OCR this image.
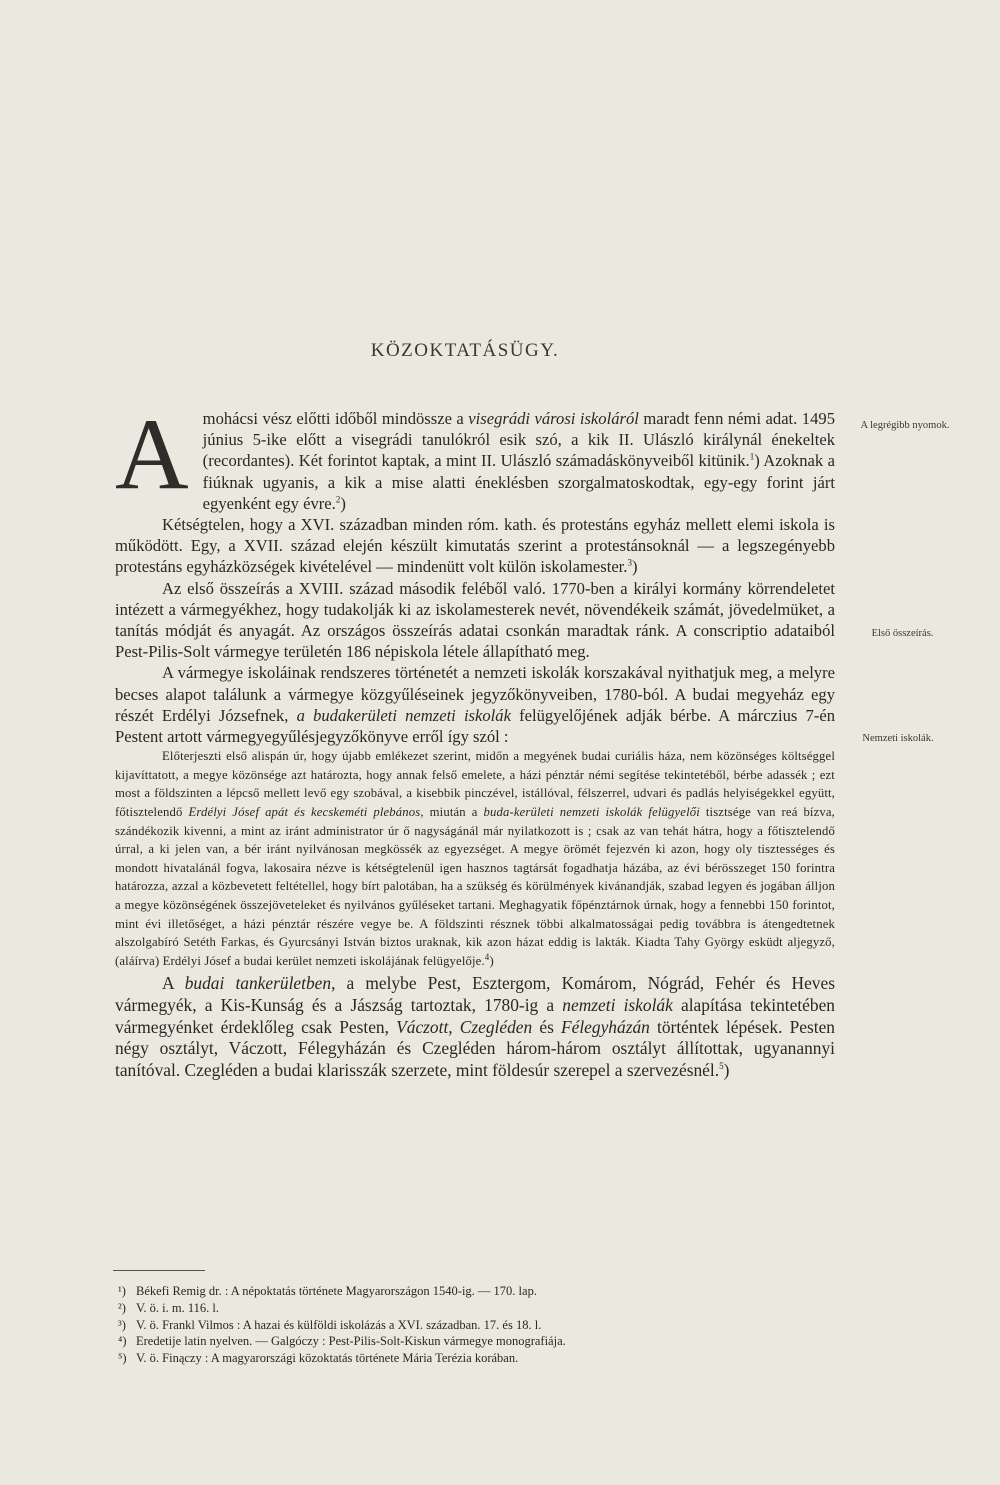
KÖZOKTATÁSÜGY.
A legrégibb nyomok.
Első összeírás.
Nemzeti iskolák.

A mohácsi vész előtti időből mindössze a visegrádi városi iskoláról maradt fenn némi adat. 1495 június 5-ike előtt a visegrádi tanulókról esik szó, a kik II. Ulászló királynál énekeltek (recordantes). Két forintot kaptak, a mint II. Ulászló számadáskönyveiből kitünik.$^1$) Azoknak a fiúknak ugyanis, a kik a mise alatti éneklésben szorgalmatoskodtak, egy-egy forint járt egyenként egy évre.$^2$)

Kétségtelen, hogy a XVI. században minden róm. kath. és protestáns egyház mellett elemi iskola is működött. Egy, a XVII. század elején készült kimutatás szerint a protestánsoknál — a legszegényebb protestáns egyházközségek kivételével — mindenütt volt külön iskolamester.$^3$)

Az első összeírás a XVIII. század második feléből való. 1770-ben a királyi kormány körrendeletet intézett a vármegyékhez, hogy tudakolják ki az iskolamesterek nevét, növendékeik számát, jövedelmüket, a tanítás módját és anyagát. Az országos összeírás adatai csonkán maradtak ránk. A conscriptio adataiból Pest-Pilis-Solt vármegye területén 186 népiskola létele állapítható meg.

A vármegye iskoláinak rendszeres történetét a nemzeti iskolák korszakával nyithatjuk meg, a melyre becses alapot találunk a vármegye közgyűléseinek jegyzőkönyveiben, 1780-ból. A budai megyeház egy részét Erdélyi Józsefnek, a budakerületi nemzeti iskolák felügyelőjének adják bérbe. A márczius 7-én Pestent artott vármegyegyűlésjegyzőkönyve erről így szól :

Előterjeszti első alispán úr, hogy újabb emlékezet szerint, midőn a megyének budai curiális háza, nem közönséges költséggel kijavíttatott, a megye közönsége azt határozta, hogy annak felső emelete, a házi pénztár némi segítése tekintetéből, bérbe adassék ; ezt most a földszinten a lépcső mellett levő egy szobával, a kisebbik pinczével, istállóval, félszerrel, udvari és padlás helyiségekkel együtt, főtisztelendő Erdélyi Jósef apát és kecskeméti plebános, miután a buda-kerületi nemzeti iskolák felügyelői tisztsége van reá bízva, szándékozik kivenni, a mint az iránt administrator úr ő nagyságánál már nyilatkozott is ; csak az van tehát hátra, hogy a főtisztelendő úrral, a ki jelen van, a bér iránt nyilvánosan megkössék az egyezséget. A megye örömét fejezvén ki azon, hogy oly tisztességes és mondott hivatalánál fogva, lakosaira nézve is kétségtelenül igen hasznos tagtársát fogadhatja házába, az évi bérösszeget 150 forintra határozza, azzal a közbevetett feltétellel, hogy bírt palotában, ha a szükség és körülmények kivánandják, szabad legyen és jogában álljon a megye közönségének összejöveteleket és nyilvános gyűléseket tartani. Meghagyatik főpénztárnok úrnak, hogy a fennebbi 150 forintot, mint évi illetőséget, a házi pénztár részére vegye be. A földszinti résznek többi alkalmatosságai pedig továbbra is átengedtetnek alszolgabíró Setéth Farkas, és Gyurcsányi István biztos uraknak, kik azon házat eddig is lakták. Kiadta Tahy György esküdt aljegyző, (aláírva) Erdélyi Jósef a budai kerület nemzeti iskolájának felügyelője.$^4$)

A budai tankerületben, a melybe Pest, Esztergom, Komárom, Nógrád, Fehér és Heves vármegyék, a Kis-Kunság és a Jászság tartoztak, 1780-ig a nemzeti iskolák alapítása tekintetében vármegyénket érdeklőleg csak Pesten, Váczott, Czegléden és Félegyházán történtek lépések. Pesten négy osztályt, Váczott, Félegyházán és Czegléden három-három osztályt állítottak, ugyanannyi tanítóval. Czegléden a budai klarisszák szerzete, mint földesúr szerepel a szervezésnél.$^5$)

¹) Békefi Remig dr. : A népoktatás története Magyarországon 1540-ig. — 170. lap.
²) V. ö. i. m. 116. l.
³) V. ö. Frankl Vilmos : A hazai és külföldi iskolázás a XVI. században. 17. és 18. l.
⁴) Eredetije latin nyelven. — Galgóczy : Pest-Pilis-Solt-Kiskun vármegye monografiája.
⁵) V. ö. Finączy : A magyarországi közoktatás története Mária Terézia korában.
